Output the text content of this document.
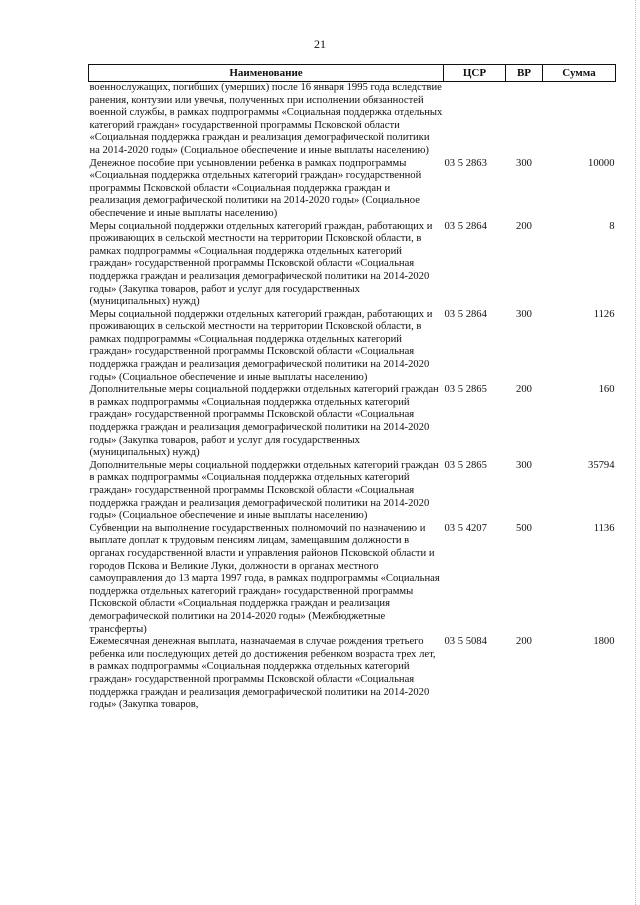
21
Наименование	ЦСР	ВР	Сумма
военнослужащих, погибших (умерших) после 16 января 1995 года вследствие ранения, контузии или увечья, полученных при исполнении обязанностей военной службы, в рамках подпрограммы «Социальная поддержка отдельных категорий граждан» государственной программы Псковской области «Социальная поддержка граждан и реализация демографической политики на 2014-2020 годы» (Социальное обеспечение и иные выплаты населению)			
Денежное пособие при усыновлении ребенка в рамках подпрограммы «Социальная поддержка отдельных категорий граждан» государственной программы Псковской области «Социальная поддержка граждан и реализация демографической политики на 2014-2020 годы» (Социальное обеспечение и иные выплаты населению)	03 5 2863	300	10000
Меры социальной поддержки отдельных категорий граждан, работающих и проживающих в сельской местности на территории Псковской области, в рамках подпрограммы «Социальная поддержка отдельных категорий граждан» государственной программы Псковской области «Социальная поддержка граждан и реализация демографической политики на 2014-2020 годы» (Закупка товаров, работ и услуг для государственных (муниципальных) нужд)	03 5 2864	200	8
Меры социальной поддержки отдельных категорий граждан, работающих и проживающих в сельской местности на территории Псковской области, в рамках подпрограммы «Социальная поддержка отдельных категорий граждан» государственной программы Псковской области «Социальная поддержка граждан и реализация демографической политики на 2014-2020 годы» (Социальное обеспечение и иные выплаты населению)	03 5 2864	300	1126
Дополнительные меры социальной поддержки отдельных категорий граждан в рамках подпрограммы «Социальная поддержка отдельных категорий граждан» государственной программы Псковской области «Социальная поддержка граждан и реализация демографической политики на 2014-2020 годы» (Закупка товаров, работ и услуг для государственных (муниципальных) нужд)	03 5 2865	200	160
Дополнительные меры социальной поддержки отдельных категорий граждан в рамках подпрограммы «Социальная поддержка отдельных категорий граждан» государственной программы Псковской области «Социальная поддержка граждан и реализация демографической политики на 2014-2020 годы» (Социальное обеспечение и иные выплаты населению)	03 5 2865	300	35794
Субвенции на выполнение государственных полномочий по назначению и выплате доплат к трудовым пенсиям лицам, замещавшим должности в органах государственной власти и управления районов Псковской области и городов Пскова и Великие Луки, должности в органах местного самоуправления до 13 марта 1997 года, в рамках подпрограммы «Социальная поддержка отдельных категорий граждан» государственной программы Псковской области «Социальная поддержка граждан и реализация демографической политики на 2014-2020 годы» (Межбюджетные трансферты)	03 5 4207	500	1136
Ежемесячная денежная выплата, назначаемая в случае рождения третьего ребенка или последующих детей до достижения ребенком возраста трех лет, в рамках подпрограммы «Социальная поддержка отдельных категорий граждан» государственной программы Псковской области «Социальная поддержка граждан и реализация демографической политики на 2014-2020 годы» (Закупка товаров,	03 5 5084	200	1800
